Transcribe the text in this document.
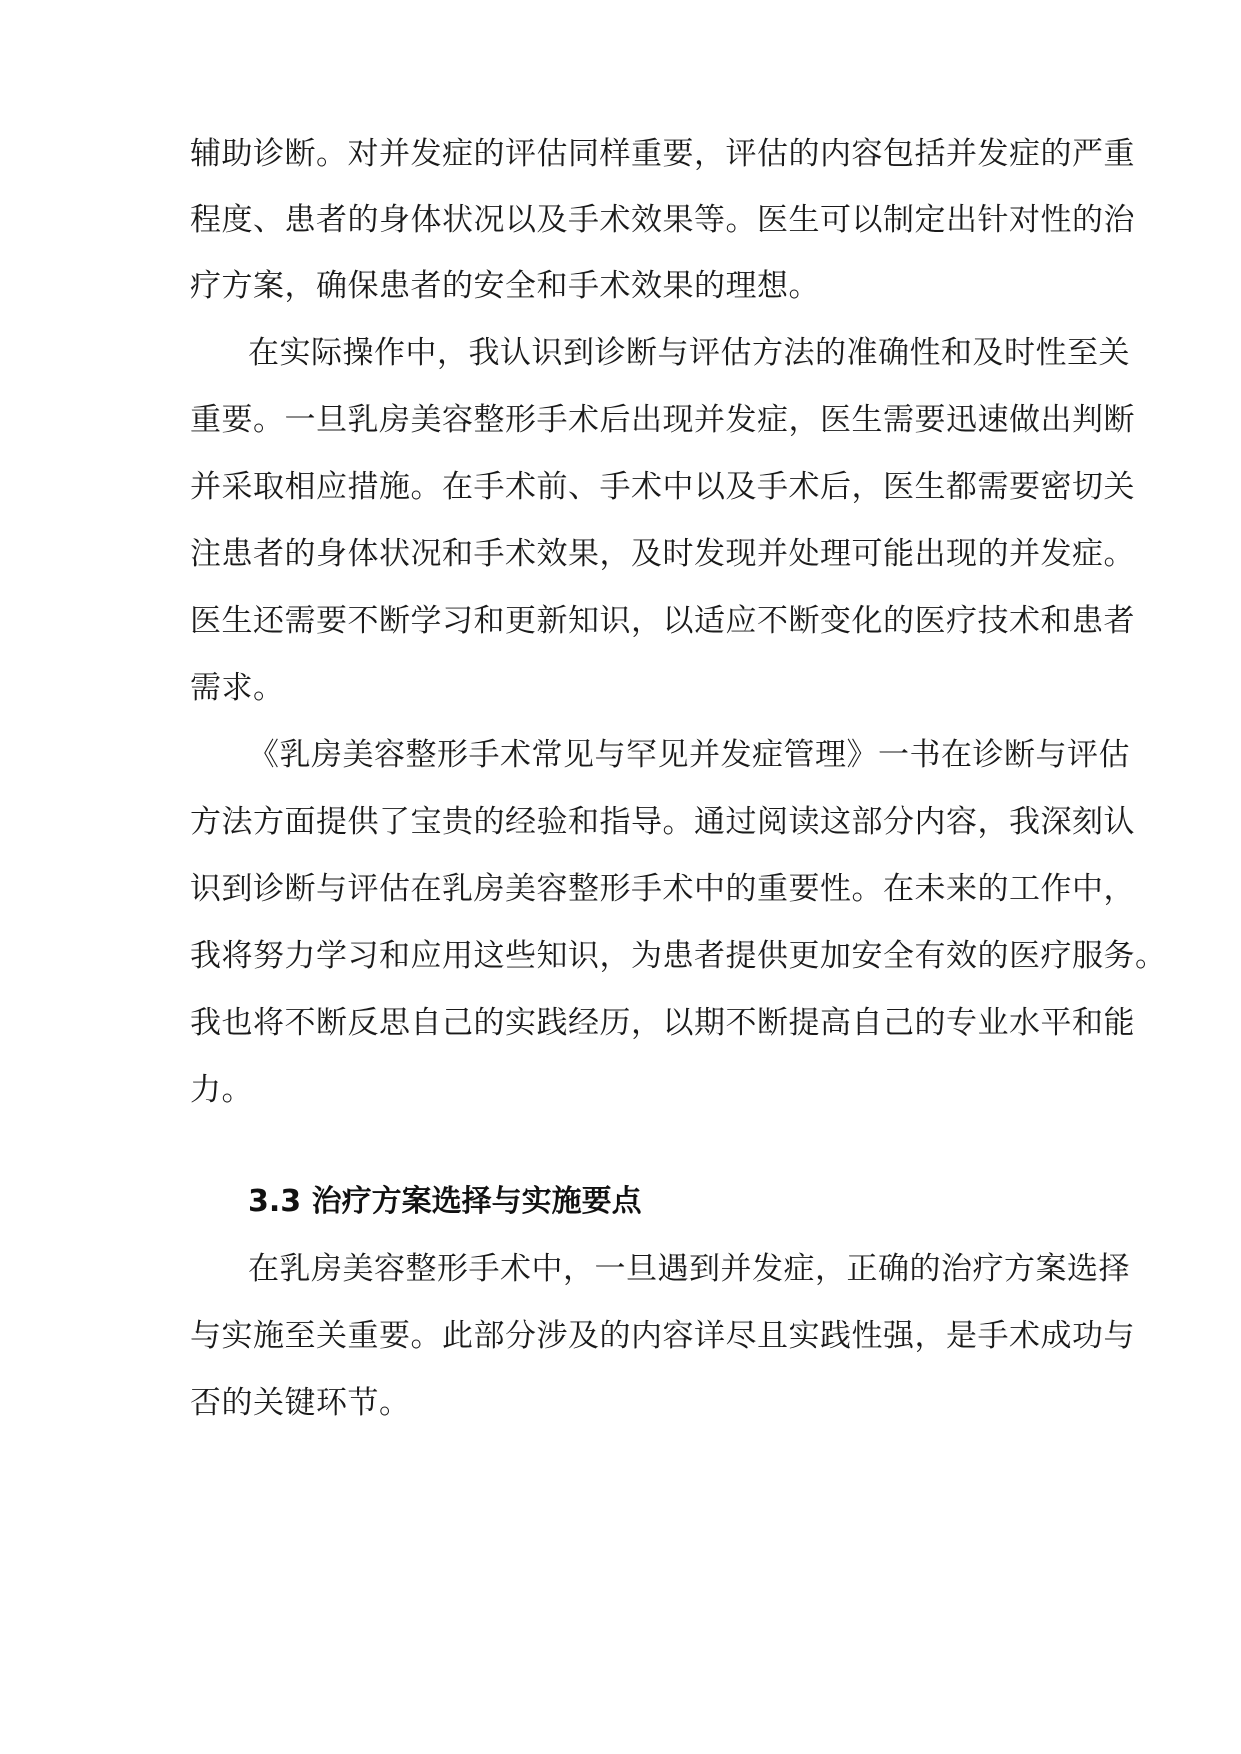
辅助诊断。对并发症的评估同样重要，评估的内容包括并发症的严重
程度、患者的身体状况以及手术效果等。医生可以制定出针对性的治
疗方案，确保患者的安全和手术效果的理想。
在实际操作中，我认识到诊断与评估方法的准确性和及时性至关
重要。一旦乳房美容整形手术后出现并发症，医生需要迅速做出判断
并采取相应措施。在手术前、手术中以及手术后，医生都需要密切关
注患者的身体状况和手术效果，及时发现并处理可能出现的并发症。
医生还需要不断学习和更新知识，以适应不断变化的医疗技术和患者
需求。
《乳房美容整形手术常见与罕见并发症管理》一书在诊断与评估
方法方面提供了宝贵的经验和指导。通过阅读这部分内容，我深刻认
识到诊断与评估在乳房美容整形手术中的重要性。在未来的工作中，
我将努力学习和应用这些知识，为患者提供更加安全有效的医疗服务。
我也将不断反思自己的实践经历，以期不断提高自己的专业水平和能
力。
3.3 治疗方案选择与实施要点
在乳房美容整形手术中，一旦遇到并发症，正确的治疗方案选择
与实施至关重要。此部分涉及的内容详尽且实践性强，是手术成功与
否的关键环节。
